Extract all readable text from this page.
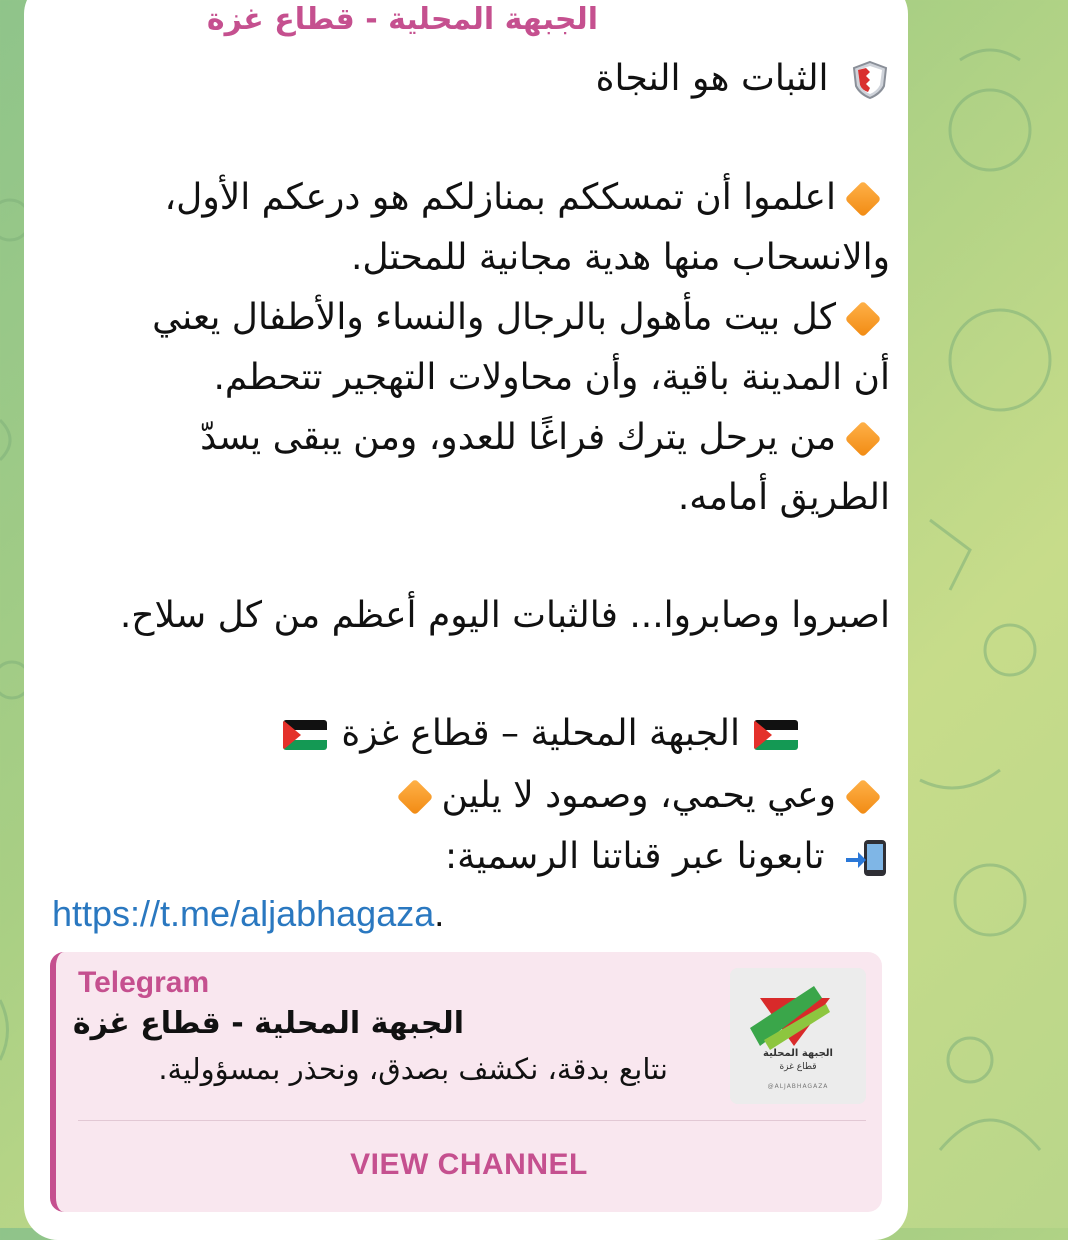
الجبهة المحلية - قطاع غزة
الثبات هو النجاة
اعلموا أن تمسككم بمنازلكم هو درعكم الأول،
والانسحاب منها هدية مجانية للمحتل.
كل بيت مأهول بالرجال والنساء والأطفال يعني
أن المدينة باقية، وأن محاولات التهجير تتحطم.
من يرحل يترك فراغًا للعدو، ومن يبقى يسدّ
الطريق أمامه.
اصبروا وصابروا... فالثبات اليوم أعظم من كل سلاح.
الجبهة المحلية – قطاع غزة
وعي يحمي، وصمود لا يلين
تابعونا عبر قناتنا الرسمية:
https://t.me/aljabhagaza.
Telegram
الجبهة المحلية - قطاع غزة
نتابع بدقة، نكشف بصدق، ونحذر بمسؤولية.	الجبهة المحلية
قطاع غزة
@ALJABHAGAZA
VIEW CHANNEL
